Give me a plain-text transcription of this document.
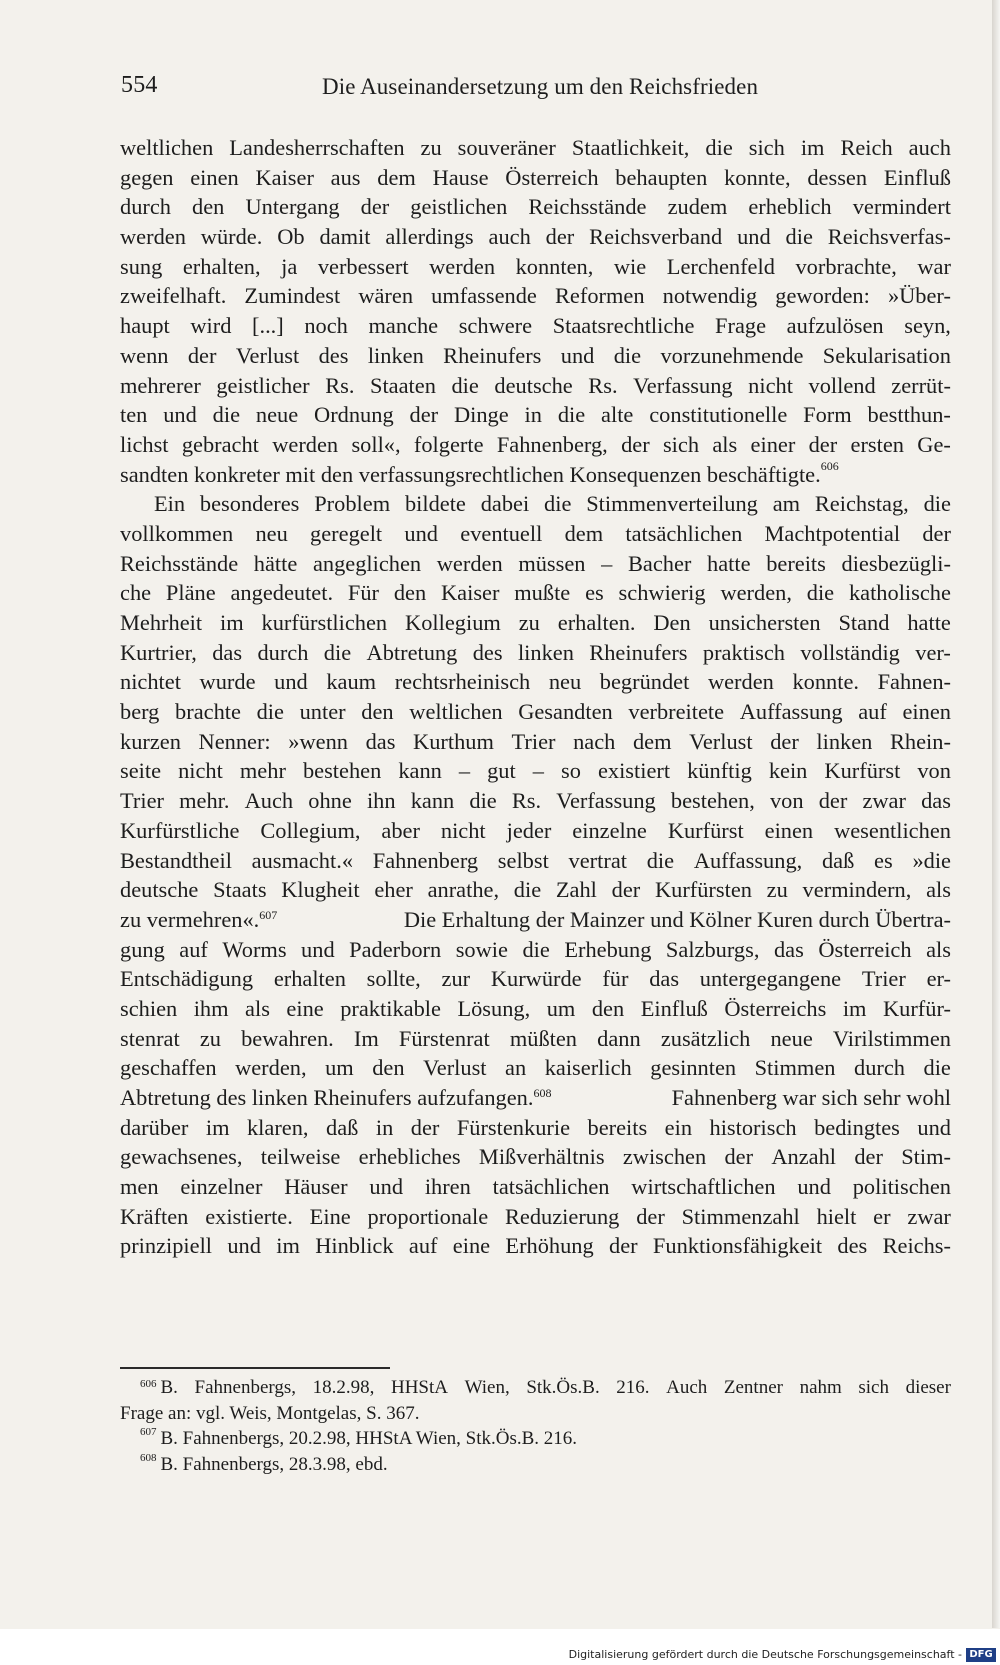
554	Die Auseinandersetzung um den Reichsfrieden
weltlichen Landesherrschaften zu souveräner Staatlichkeit, die sich im Reich auch
gegen einen Kaiser aus dem Hause Österreich behaupten konnte, dessen Einfluß
durch den Untergang der geistlichen Reichsstände zudem erheblich vermindert
werden würde. Ob damit allerdings auch der Reichsverband und die Reichsverfas-
sung erhalten, ja verbessert werden konnten, wie Lerchenfeld vorbrachte, war
zweifelhaft. Zumindest wären umfassende Reformen notwendig geworden: »Über-
haupt wird [...] noch manche schwere Staatsrechtliche Frage aufzulösen seyn,
wenn der Verlust des linken Rheinufers und die vorzunehmende Sekularisation
mehrerer geistlicher Rs. Staaten die deutsche Rs. Verfassung nicht vollend zerrüt-
ten und die neue Ordnung der Dinge in die alte constitutionelle Form bestthun-
lichst gebracht werden soll«, folgerte Fahnenberg, der sich als einer der ersten Ge-
sandten konkreter mit den verfassungsrechtlichen Konsequenzen beschäftigte.$^{606}$
Ein besonderes Problem bildete dabei die Stimmenverteilung am Reichstag, die
vollkommen neu geregelt und eventuell dem tatsächlichen Machtpotential der
Reichsstände hätte angeglichen werden müssen – Bacher hatte bereits diesbezügli-
che Pläne angedeutet. Für den Kaiser mußte es schwierig werden, die katholische
Mehrheit im kurfürstlichen Kollegium zu erhalten. Den unsichersten Stand hatte
Kurtrier, das durch die Abtretung des linken Rheinufers praktisch vollständig ver-
nichtet wurde und kaum rechtsrheinisch neu begründet werden konnte. Fahnen-
berg brachte die unter den weltlichen Gesandten verbreitete Auffassung auf einen
kurzen Nenner: »wenn das Kurthum Trier nach dem Verlust der linken Rhein-
seite nicht mehr bestehen kann – gut – so existiert künftig kein Kurfürst von
Trier mehr. Auch ohne ihn kann die Rs. Verfassung bestehen, von der zwar das
Kurfürstliche Collegium, aber nicht jeder einzelne Kurfürst einen wesentlichen
Bestandtheil ausmacht.« Fahnenberg selbst vertrat die Auffassung, daß es »die
deutsche Staats Klugheit eher anrathe, die Zahl der Kurfürsten zu vermindern, als
zu vermehren«.$^{607}$	Die Erhaltung der Mainzer und Kölner Kuren durch Übertra-
gung auf Worms und Paderborn sowie die Erhebung Salzburgs, das Österreich als
Entschädigung erhalten sollte, zur Kurwürde für das untergegangene Trier er-
schien ihm als eine praktikable Lösung, um den Einfluß Österreichs im Kurfür-
stenrat zu bewahren. Im Fürstenrat müßten dann zusätzlich neue Virilstimmen
geschaffen werden, um den Verlust an kaiserlich gesinnten Stimmen durch die
Abtretung des linken Rheinufers aufzufangen.$^{608}$	Fahnenberg war sich sehr wohl
darüber im klaren, daß in der Fürstenkurie bereits ein historisch bedingtes und
gewachsenes, teilweise erhebliches Mißverhältnis zwischen der Anzahl der Stim-
men einzelner Häuser und ihren tatsächlichen wirtschaftlichen und politischen
Kräften existierte. Eine proportionale Reduzierung der Stimmenzahl hielt er zwar
prinzipiell und im Hinblick auf eine Erhöhung der Funktionsfähigkeit des Reichs-
$^{606}$ B. Fahnenbergs, 18.2.98, HHStA Wien, Stk.Ös.B. 216. Auch Zentner nahm sich dieser
Frage an: vgl. Weis, Montgelas, S. 367.
607 B. Fahnenbergs, 20.2.98, HHStA Wien, Stk.Ös.B. 216.
608 B. Fahnenbergs, 28.3.98, ebd.
Digitalisierung gefördert durch die Deutsche Forschungsgemeinschaft - DFG
